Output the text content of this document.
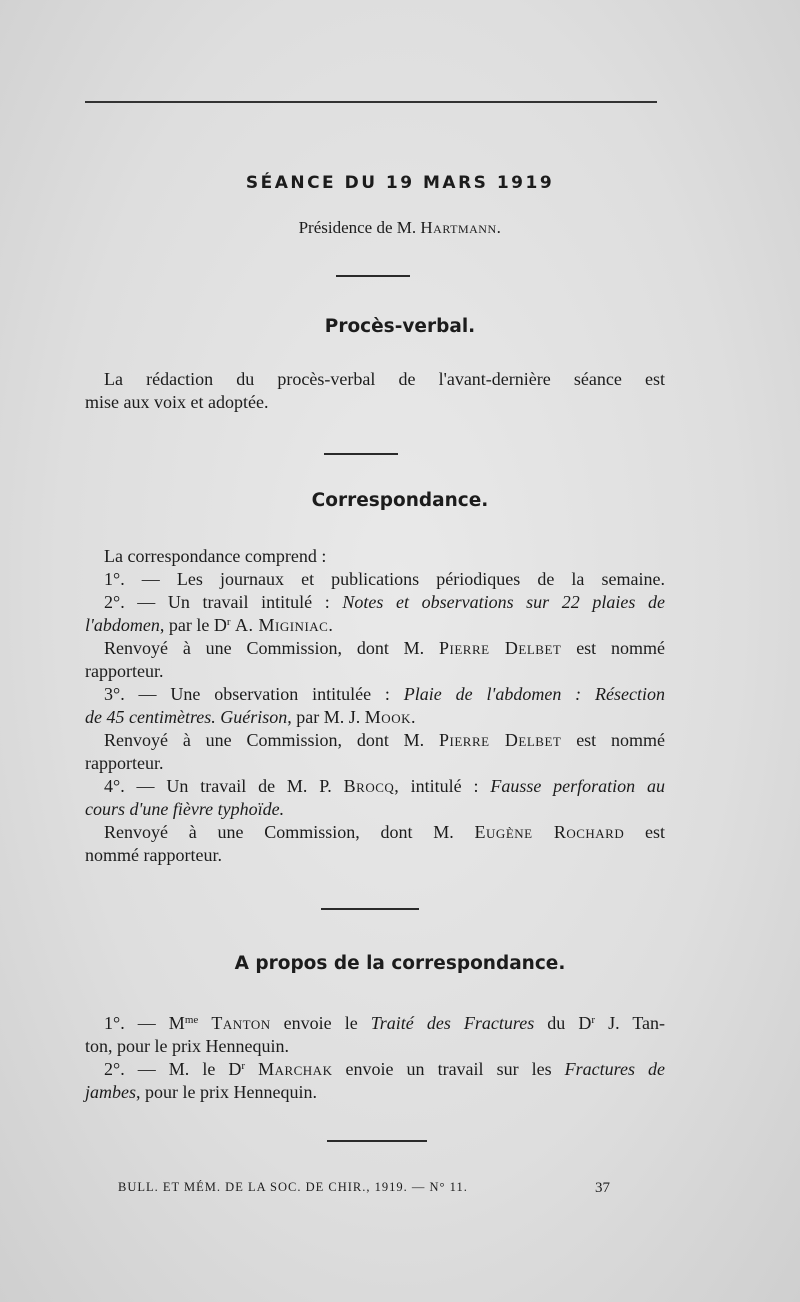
SÉANCE DU 19 MARS 1919
Présidence de M. Hartmann.
Procès-verbal.
La rédaction du procès-verbal de l'avant-dernière séance est
mise aux voix et adoptée.
Correspondance.
La correspondance comprend :
1°. — Les journaux et publications périodiques de la semaine.
2°. — Un travail intitulé : Notes et observations sur 22 plaies de
l'abdomen, par le $D^r$ A. Miginiac.
Renvoyé à une Commission, dont M. Pierre Delbet est nommé
rapporteur.
3°. — Une observation intitulée : Plaie de l'abdomen : Résection
de 45 centimètres. Guérison, par M. J. Mook.
Renvoyé à une Commission, dont M. Pierre Delbet est nommé
rapporteur.
4°. — Un travail de M. P. Brocq, intitulé : Fausse perforation au
cours d'une fièvre typhoïde.
Renvoyé à une Commission, dont M. Eugène Rochard est
nommé rapporteur.
A propos de la correspondance.
1°. — $M^{me}$ Tanton envoie le Traité des Fractures du $D^r$ J. Tan-
ton, pour le prix Hennequin.
2°. — M. le $D^r$ Marchak envoie un travail sur les Fractures de
jambes, pour le prix Hennequin.
BULL. ET MÉM. DE LA SOC. DE CHIR., 1919. — N° 11.	37
